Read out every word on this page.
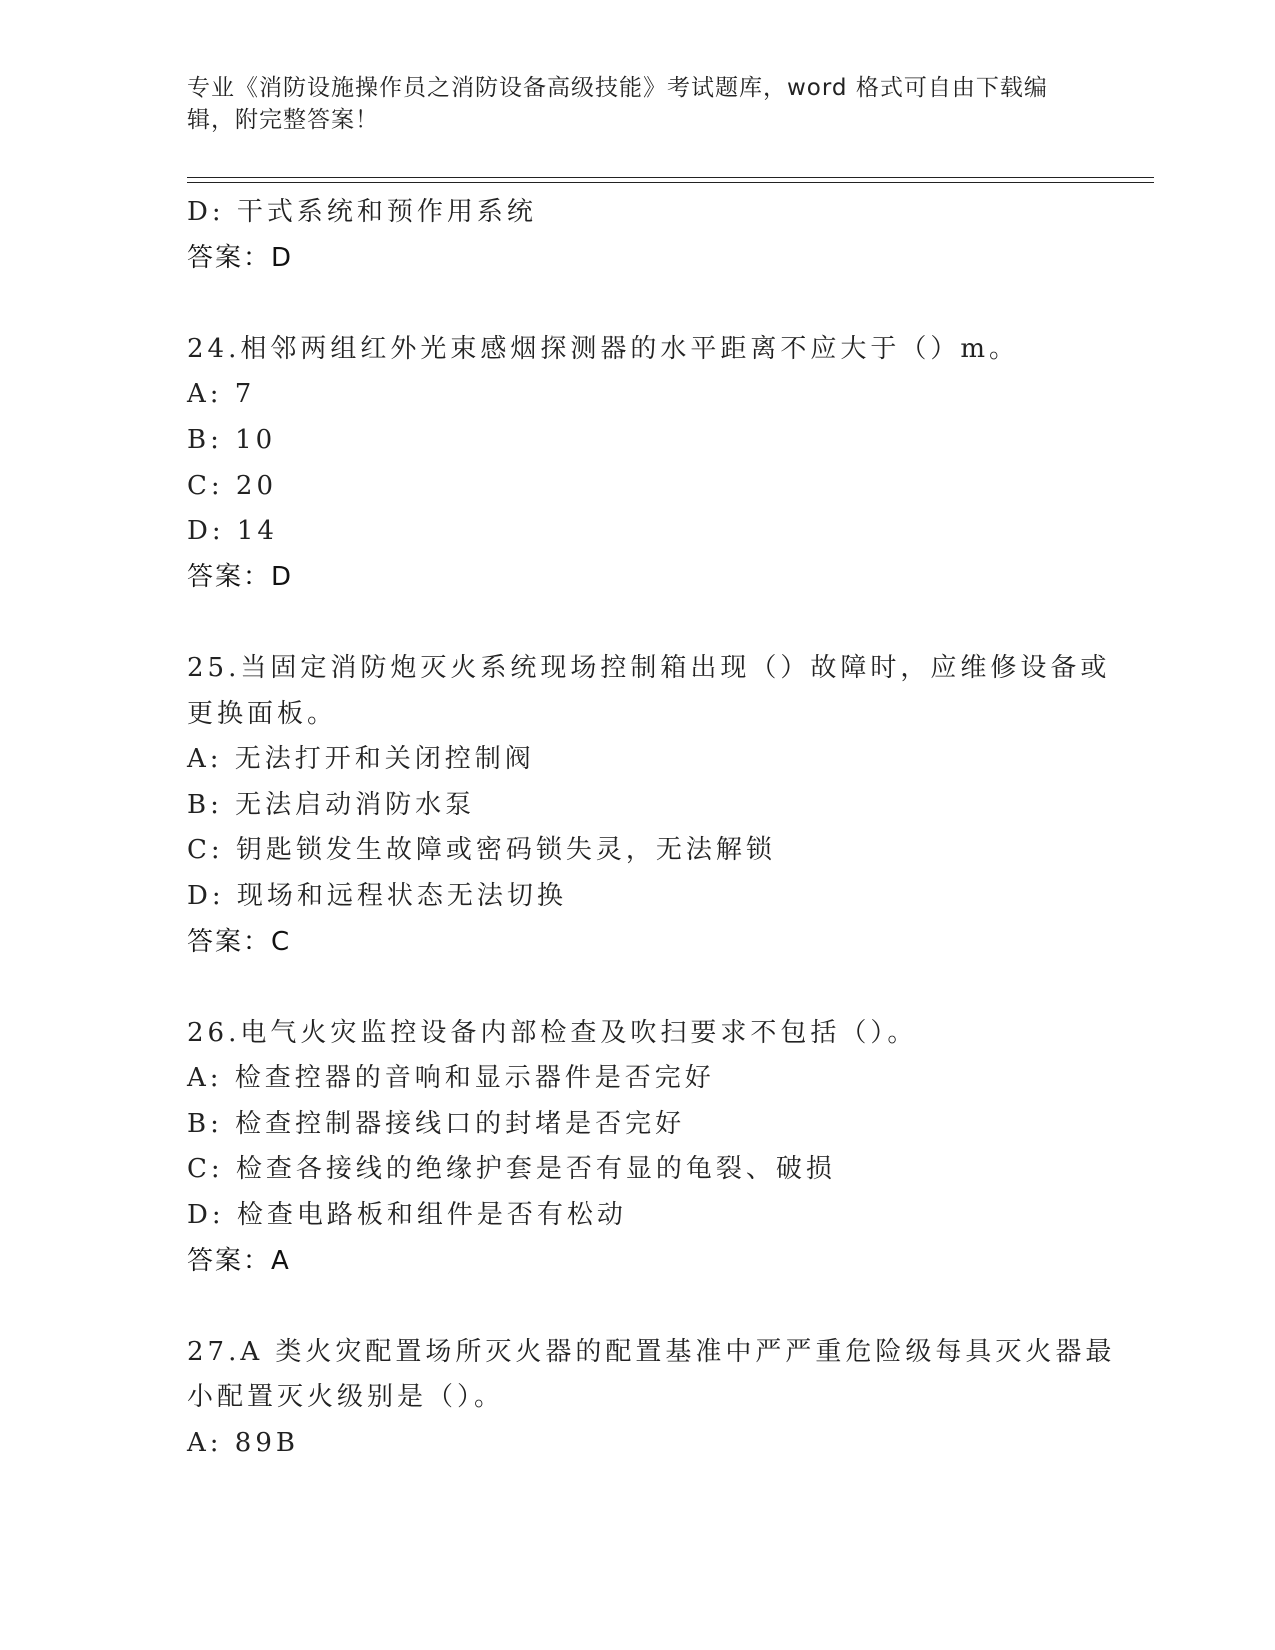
专业《消防设施操作员之消防设备高级技能》考试题库，word 格式可自由下载编
辑，附完整答案！
D: 干式系统和预作用系统
答案：D
24.相邻两组红外光束感烟探测器的水平距离不应大于（）m。
A: 7
B: 10
C: 20
D: 14
答案：D
25.当固定消防炮灭火系统现场控制箱出现（）故障时，应维修设备或
更换面板。
A: 无法打开和关闭控制阀
B: 无法启动消防水泵
C: 钥匙锁发生故障或密码锁失灵，无法解锁
D: 现场和远程状态无法切换
答案：C
26.电气火灾监控设备内部检查及吹扫要求不包括（）。
A: 检查控器的音响和显示器件是否完好
B: 检查控制器接线口的封堵是否完好
C: 检查各接线的绝缘护套是否有显的龟裂、破损
D: 检查电路板和组件是否有松动
答案：A
27.A 类火灾配置场所灭火器的配置基准中严严重危险级每具灭火器最
小配置灭火级别是（）。
A: 89B
